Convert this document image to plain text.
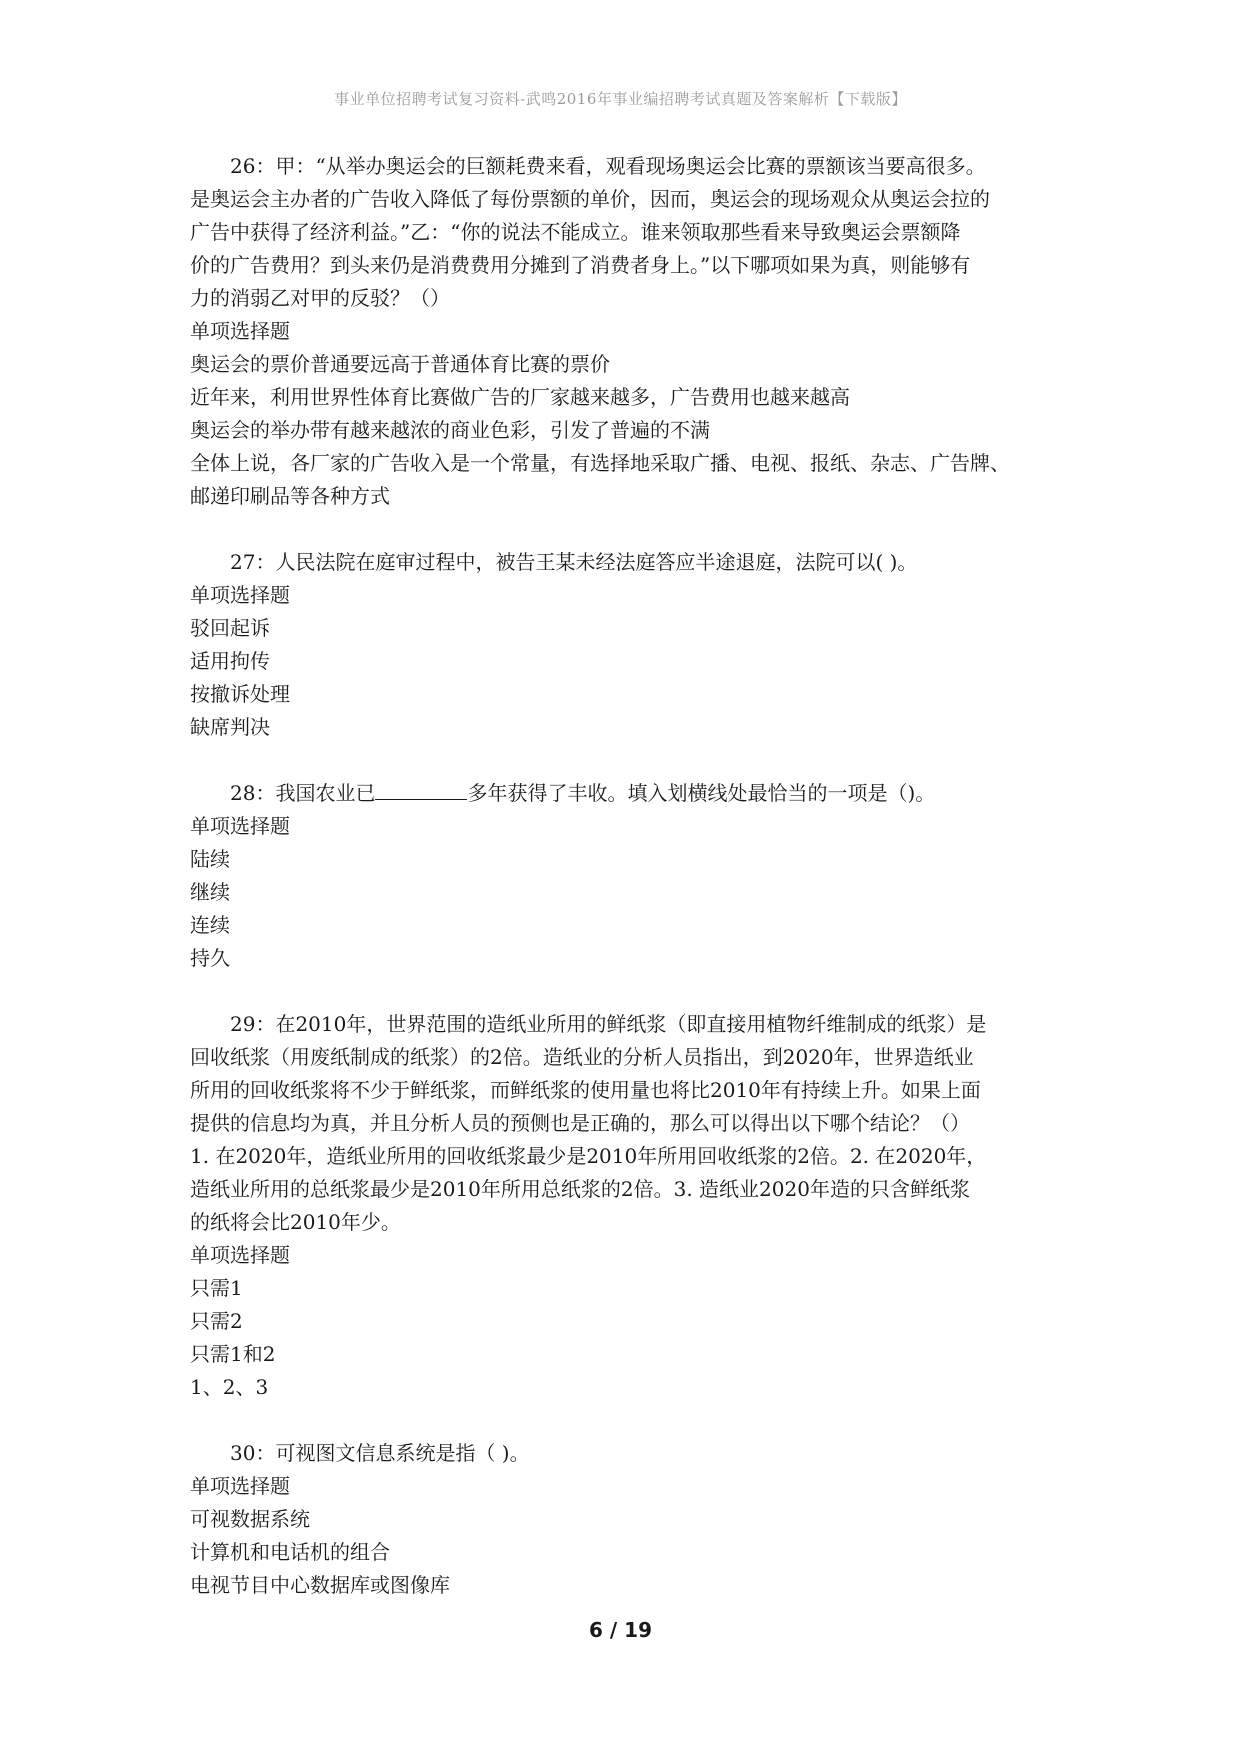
事业单位招聘考试复习资料-武鸣2016年事业编招聘考试真题及答案解析【下载版】
26：甲：“从举办奥运会的巨额耗费来看，观看现场奥运会比赛的票额该当要高很多。
是奥运会主办者的广告收入降低了每份票额的单价，因而，奥运会的现场观众从奥运会拉的
广告中获得了经济利益。”乙：“你的说法不能成立。谁来领取那些看来导致奥运会票额降
价的广告费用？到头来仍是消费费用分摊到了消费者身上。”以下哪项如果为真，则能够有
力的消弱乙对甲的反驳？（）
单项选择题
奥运会的票价普通要远高于普通体育比赛的票价
近年来，利用世界性体育比赛做广告的厂家越来越多，广告费用也越来越高
奥运会的举办带有越来越浓的商业色彩，引发了普遍的不满
全体上说，各厂家的广告收入是一个常量，有选择地采取广播、电视、报纸、杂志、广告牌、
邮递印刷品等各种方式
27：人民法院在庭审过程中，被告王某未经法庭答应半途退庭，法院可以( )。
单项选择题
驳回起诉
适用拘传
按撤诉处理
缺席判决
28：我国农业已	多年获得了丰收。填入划横线处最恰当的一项是（)。
单项选择题
陆续
继续
连续
持久
29：在2010年，世界范围的造纸业所用的鲜纸浆（即直接用植物纤维制成的纸浆）是
回收纸浆（用废纸制成的纸浆）的2倍。造纸业的分析人员指出，到2020年，世界造纸业
所用的回收纸浆将不少于鲜纸浆，而鲜纸浆的使用量也将比2010年有持续上升。如果上面
提供的信息均为真，并且分析人员的预侧也是正确的，那么可以得出以下哪个结论？（）
1. 在2020年，造纸业所用的回收纸浆最少是2010年所用回收纸浆的2倍。2. 在2020年，
造纸业所用的总纸浆最少是2010年所用总纸浆的2倍。3. 造纸业2020年造的只含鲜纸浆
的纸将会比2010年少。
单项选择题
只需1
只需2
只需1和2
1、2、3
30：可视图文信息系统是指（ )。
单项选择题
可视数据系统
计算机和电话机的组合
电视节目中心数据库或图像库
6 / 19
